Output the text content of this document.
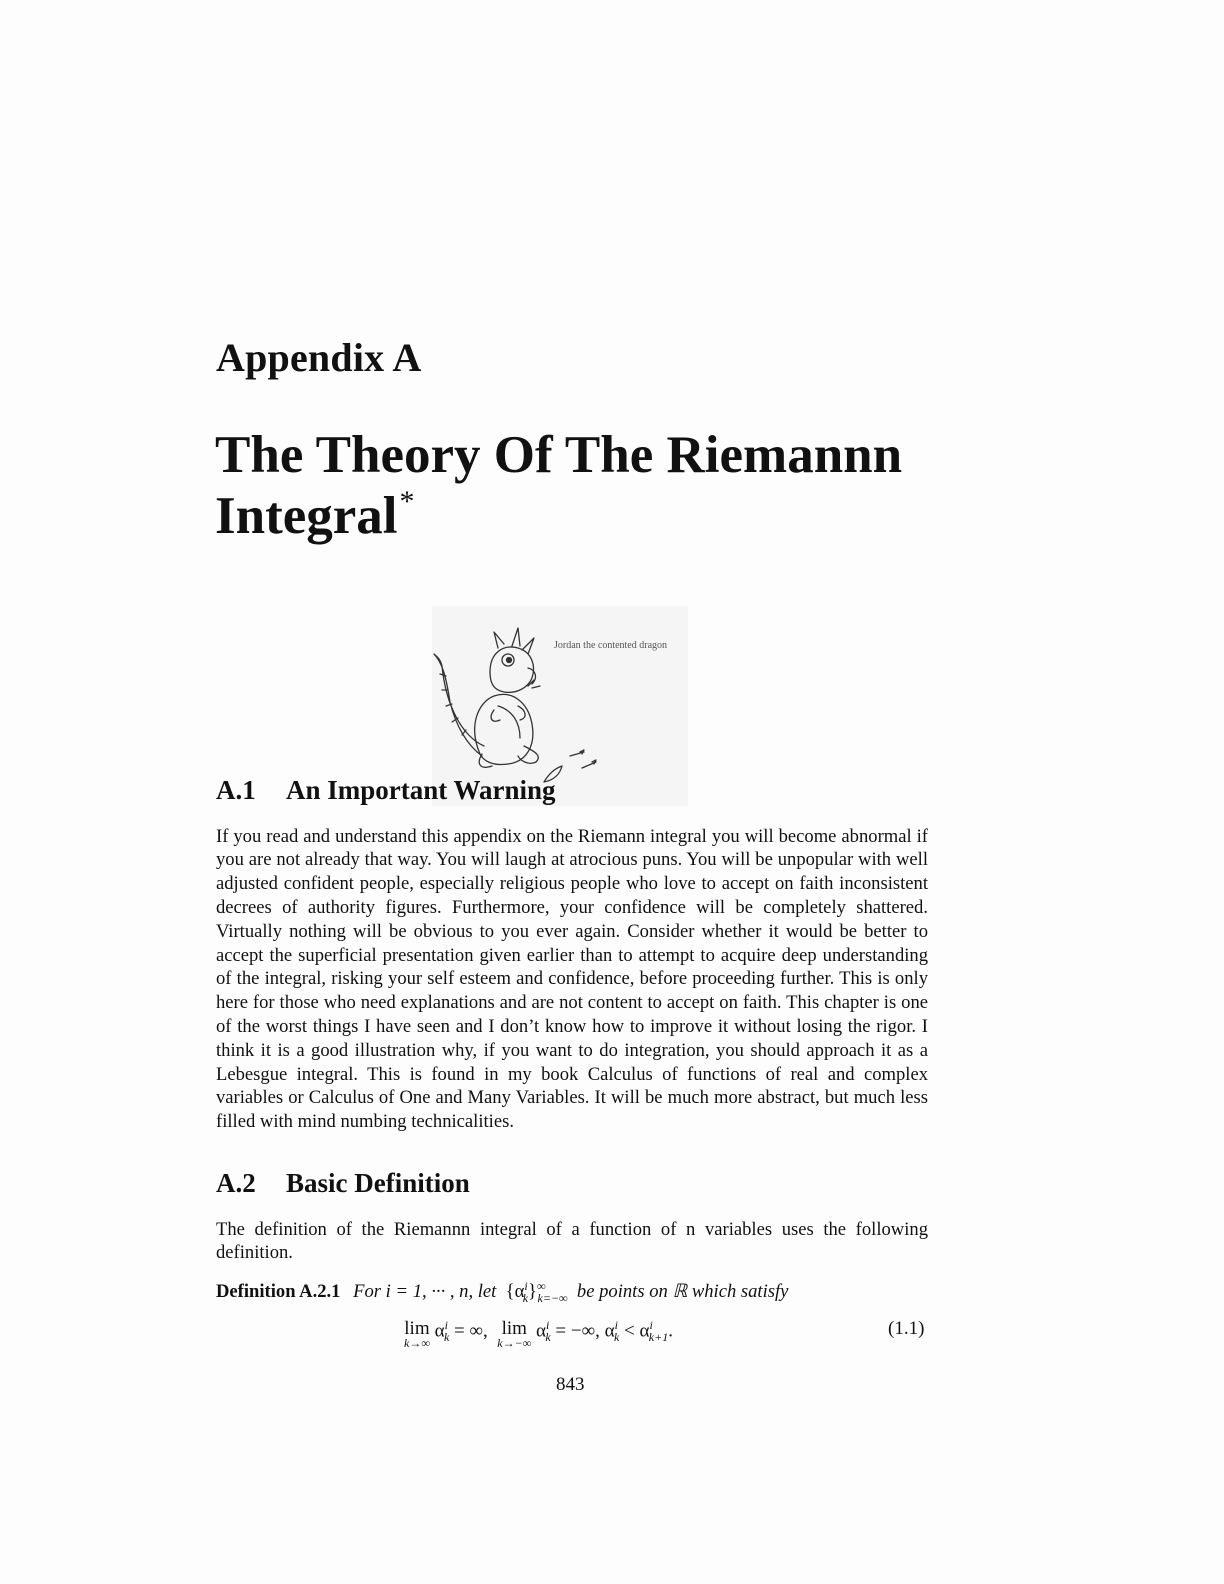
Appendix A
The Theory Of The Riemannn Integral*
Jordan the contented dragon
A.1 An Important Warning

If you read and understand this appendix on the Riemann integral you will become abnormal if you are not already that way. You will laugh at atrocious puns. You will be unpopular with well adjusted confident people, especially religious people who love to accept on faith inconsistent decrees of authority figures. Furthermore, your confidence will be completely shattered. Virtually nothing will be obvious to you ever again. Consider whether it would be better to accept the superficial presentation given earlier than to attempt to acquire deep understanding of the integral, risking your self esteem and confidence, before proceeding further. This is only here for those who need explanations and are not content to accept on faith. This chapter is one of the worst things I have seen and I don’t know how to improve it without losing the rigor. I think it is a good illustration why, if you want to do integration, you should approach it as a Lebesgue integral. This is found in my book Calculus of functions of real and complex variables or Calculus of One and Many Variables. It will be much more abstract, but much less filled with mind numbing technicalities.

A.2 Basic Definition

The definition of the Riemannn integral of a function of n variables uses the following definition.

Definition A.2.1 For i = 1, ··· , n, let  $\{\alpha^i_k\}^\infty_{k=-\infty}$ be points on ℝ which satisfy
lim
k→∞
$\alpha^i_k$ = ∞,  lim
k→−∞
$\alpha^i_k$ = −∞, $\alpha^i_k < \alpha^i_{k+1}$.	(1.1)
843
